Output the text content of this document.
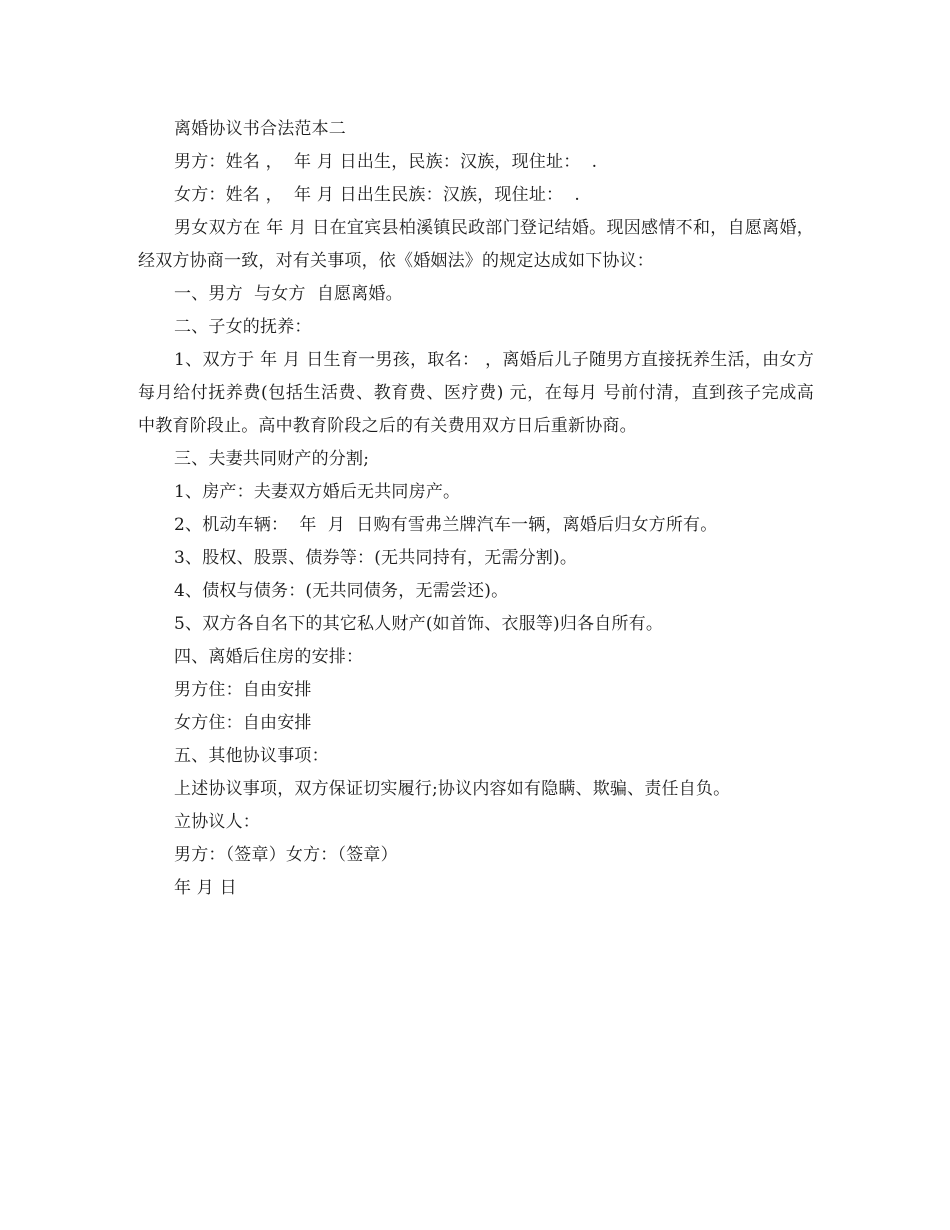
离婚协议书合法范本二
男方：姓名 ，  年 月 日出生，民族：汉族，现住址：  .
女方：姓名 ，  年 月 日出生民族：汉族，现住址：  .
男女双方在 年 月 日在宜宾县柏溪镇民政部门登记结婚。现因感情不和，自愿离婚，经双方协商一致，对有关事项，依《婚姻法》的规定达成如下协议：
一、男方  与女方  自愿离婚。
二、子女的抚养：
1、双方于 年 月 日生育一男孩，取名： ，离婚后儿子随男方直接抚养生活，由女方每月给付抚养费(包括生活费、教育费、医疗费) 元，在每月 号前付清，直到孩子完成高中教育阶段止。高中教育阶段之后的有关费用双方日后重新协商。
三、夫妻共同财产的分割;
1、房产：夫妻双方婚后无共同房产。
2、机动车辆：  年  月  日购有雪弗兰牌汽车一辆，离婚后归女方所有。
3、股权、股票、债券等：(无共同持有，无需分割)。
4、债权与债务：(无共同债务，无需尝还)。
5、双方各自名下的其它私人财产(如首饰、衣服等)归各自所有。
四、离婚后住房的安排：
男方住：自由安排
女方住：自由安排
五、其他协议事项：
上述协议事项，双方保证切实履行;协议内容如有隐瞒、欺骗、责任自负。
立协议人：
男方：（签章）女方：（签章）
年 月 日
